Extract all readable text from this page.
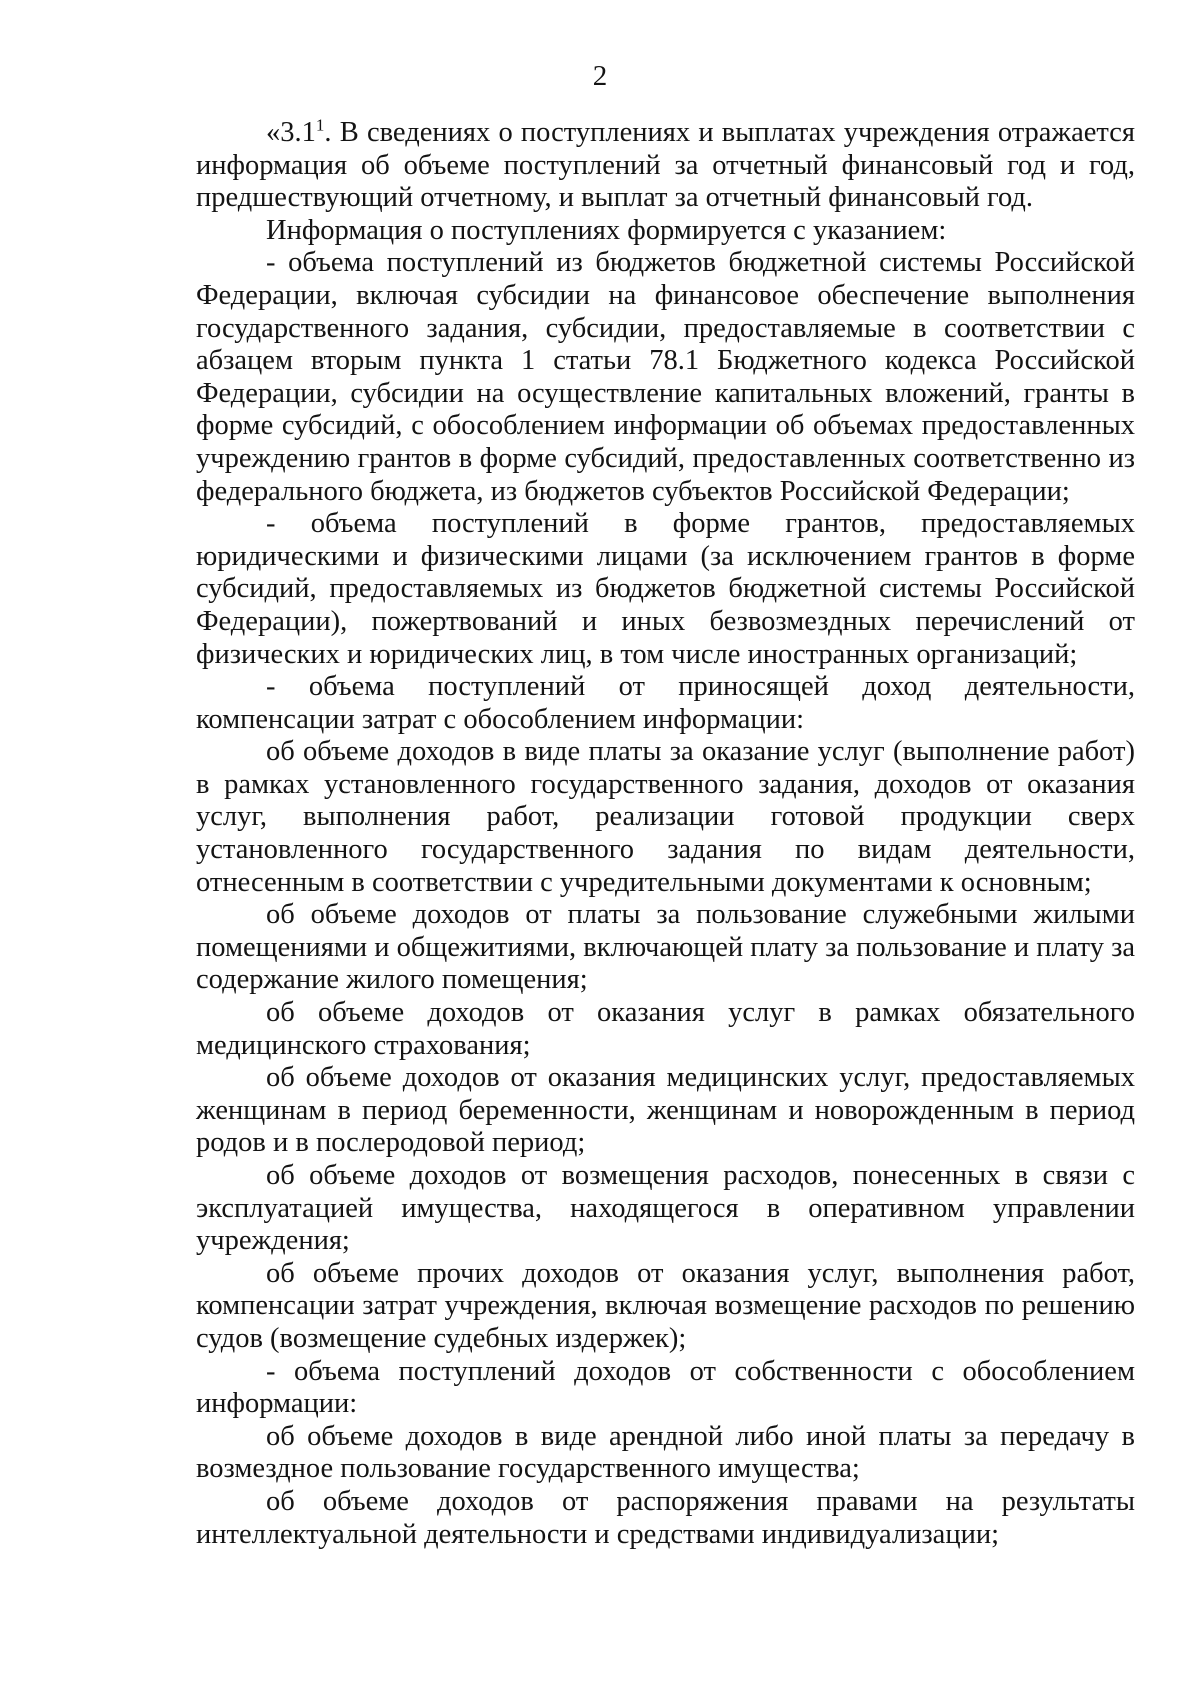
2

«$3.1^1$. В сведениях о поступлениях и выплатах учреждения отражается информация об объеме поступлений за отчетный финансовый год и год, предшествующий отчетному, и выплат за отчетный финансовый год.

Информация о поступлениях формируется с указанием:

- объема поступлений из бюджетов бюджетной системы Российской Федерации, включая субсидии на финансовое обеспечение выполнения государственного задания, субсидии, предоставляемые в соответствии с абзацем вторым пункта 1 статьи 78.1 Бюджетного кодекса Российской Федерации, субсидии на осуществление капитальных вложений, гранты в форме субсидий, с обособлением информации об объемах предоставленных учреждению грантов в форме субсидий, предоставленных соответственно из федерального бюджета, из бюджетов субъектов Российской Федерации;

- объема поступлений в форме грантов, предоставляемых юридическими и физическими лицами (за исключением грантов в форме субсидий, предоставляемых из бюджетов бюджетной системы Российской Федерации), пожертвований и иных безвозмездных перечислений от физических и юридических лиц, в том числе иностранных организаций;

- объема поступлений от приносящей доход деятельности, компенсации затрат с обособлением информации:

об объеме доходов в виде платы за оказание услуг (выполнение работ) в рамках установленного государственного задания, доходов от оказания услуг, выполнения работ, реализации готовой продукции сверх установленного государственного задания по видам деятельности, отнесенным в соответствии с учредительными документами к основным;

об объеме доходов от платы за пользование служебными жилыми помещениями и общежитиями, включающей плату за пользование и плату за содержание жилого помещения;

об объеме доходов от оказания услуг в рамках обязательного медицинского страхования;

об объеме доходов от оказания медицинских услуг, предоставляемых женщинам в период беременности, женщинам и новорожденным в период родов и в послеродовой период;

об объеме доходов от возмещения расходов, понесенных в связи с эксплуатацией имущества, находящегося в оперативном управлении учреждения;

об объеме прочих доходов от оказания услуг, выполнения работ, компенсации затрат учреждения, включая возмещение расходов по решению судов (возмещение судебных издержек);

- объема поступлений доходов от собственности с обособлением информации:

об объеме доходов в виде арендной либо иной платы за передачу в возмездное пользование государственного имущества;

об объеме доходов от распоряжения правами на результаты интеллектуальной деятельности и средствами индивидуализации;
